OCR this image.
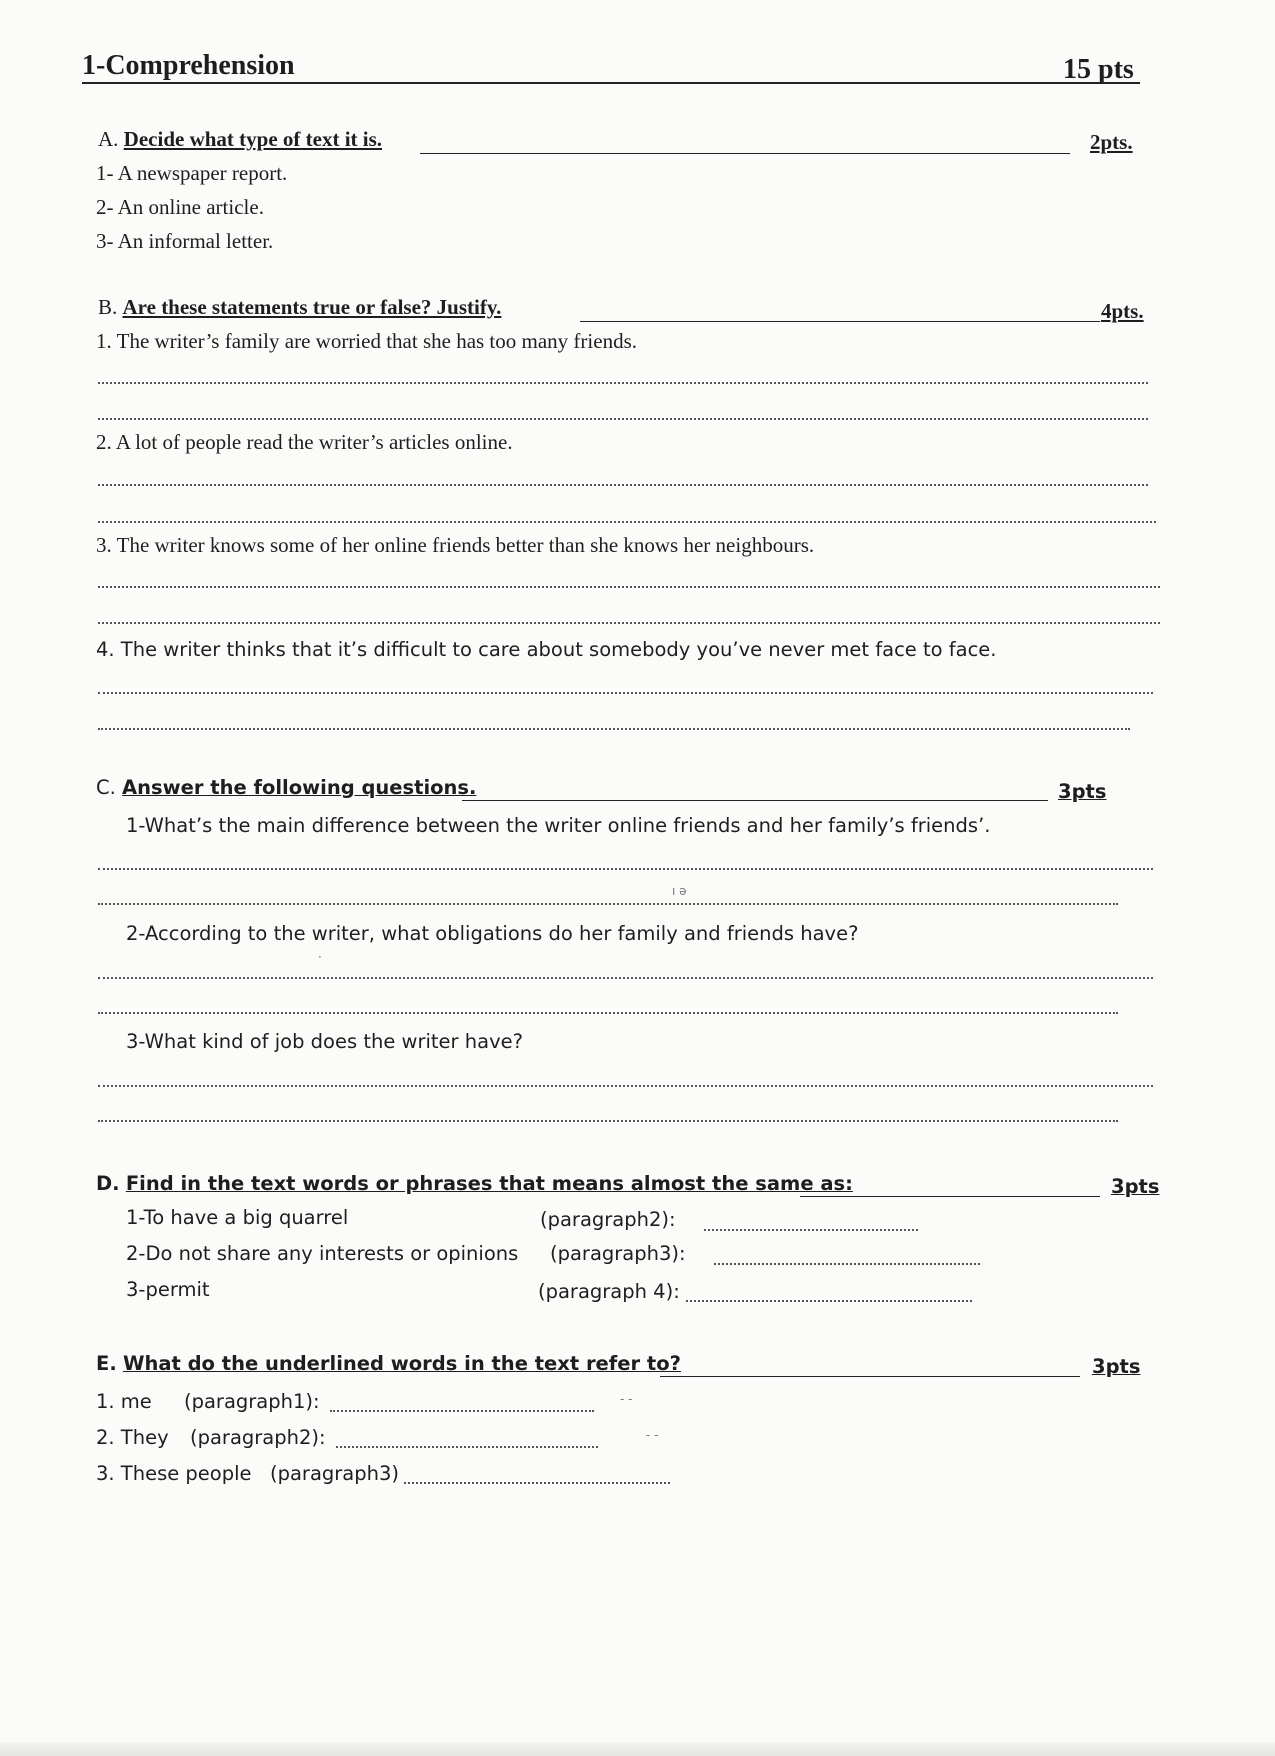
1-Comprehension	15 pts
A. Decide what type of text it is.	2pts.
1- A newspaper report.
2- An online article.
3- An informal letter.
B. Are these statements true or false? Justify.	4pts.
1. The writer’s family are worried that she has too many friends.
2. A lot of people read the writer’s articles online.
3. The writer knows some of her online friends better than she knows her neighbours.
4. The writer thinks that it’s difficult to care about somebody you’ve never met face to face.
C. Answer the following questions.	3pts
1-What’s the main difference between the writer online friends and her family’s friends’.
2-According to the writer, what obligations do her family and friends have?
3-What kind of job does the writer have?
D. Find in the text words or phrases that means almost the same as:	3pts
1-To have a big quarrel	(paragraph2):
2-Do not share any interests or opinions (paragraph3):
3-permit	(paragraph 4):
E. What do the underlined words in the text refer to?	3pts
1. me (paragraph1):
2. They (paragraph2):
3. These people (paragraph3)
ı ǝ
·
- -
- -
